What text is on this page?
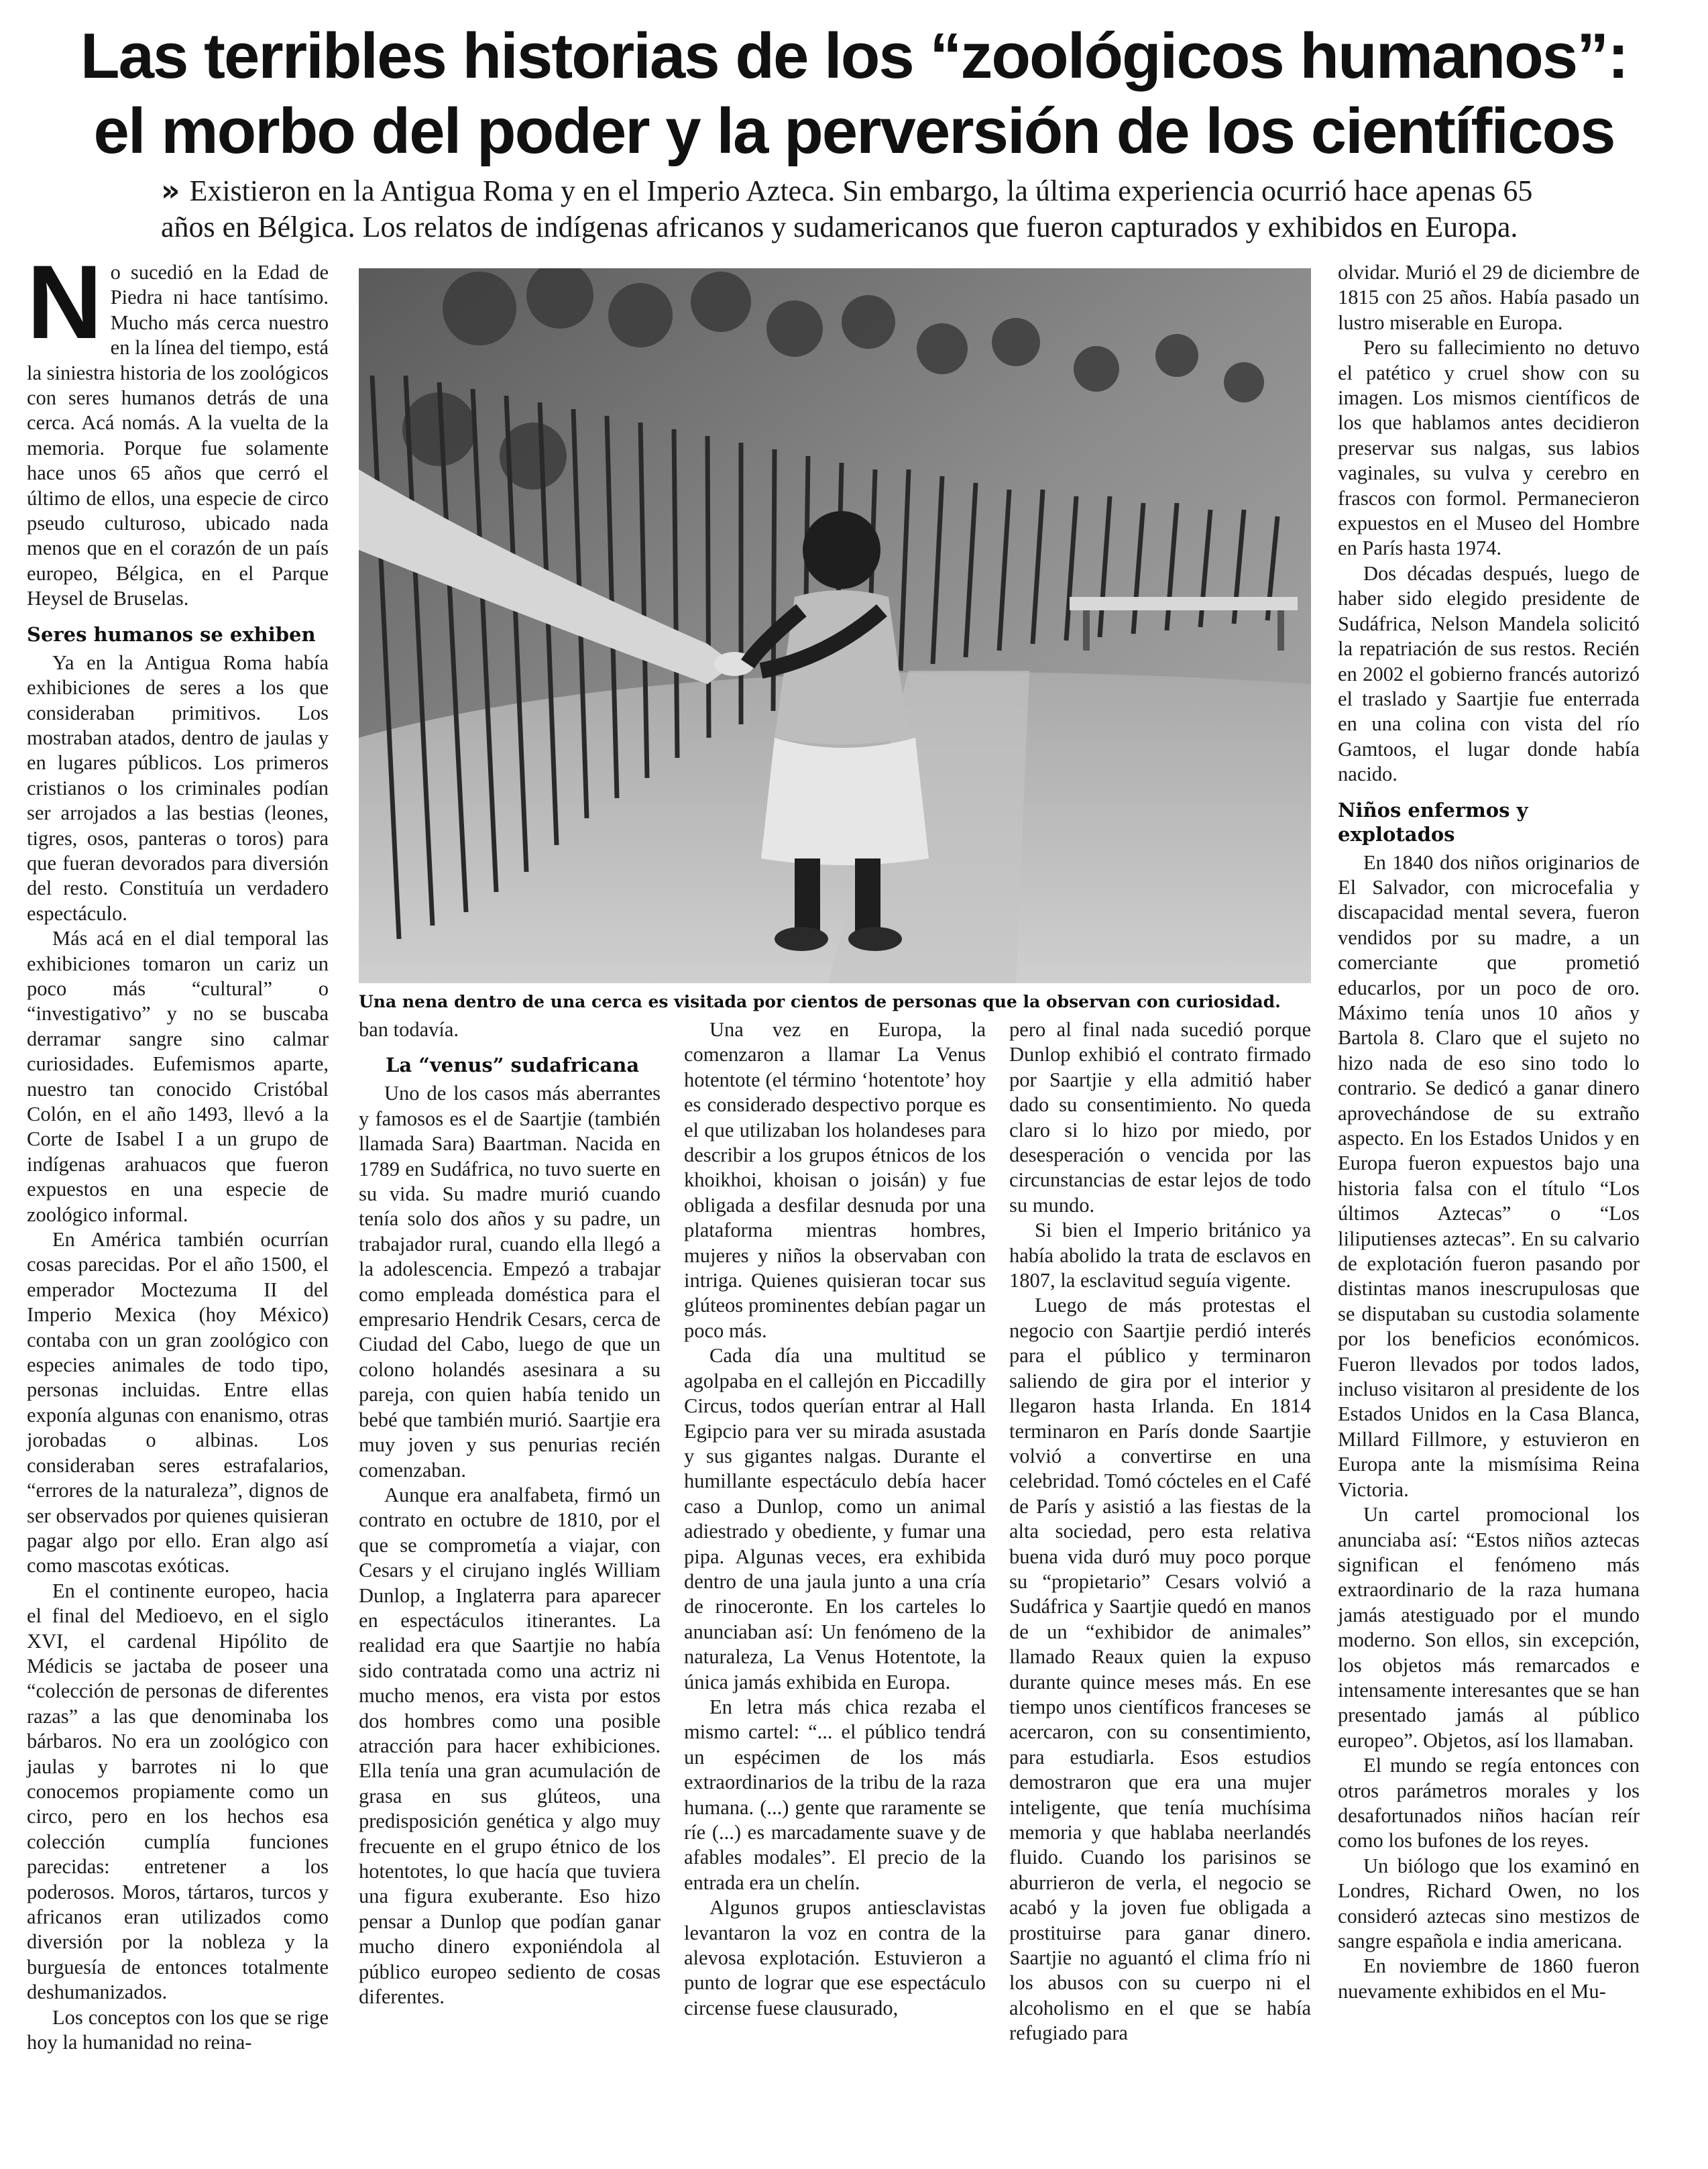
Las terribles historias de los “zoológicos humanos”:
el morbo del poder y la perversión de los científicos
» Existieron en la Antigua Roma y en el Imperio Azteca. Sin embargo, la última experiencia ocurrió hace apenas 65 años en Bélgica. Los relatos de indígenas africanos y sudamericanos que fueron capturados y exhibidos en Europa.

No sucedió en la Edad de Piedra ni hace tantísimo. Mucho más cerca nuestro en la línea del tiempo, está la siniestra historia de los zoológicos con seres humanos detrás de una cerca. Acá nomás. A la vuelta de la memoria. Porque fue solamente hace unos 65 años que cerró el último de ellos, una especie de circo pseudo culturoso, ubicado nada menos que en el corazón de un país europeo, Bélgica, en el Parque Heysel de Bruselas.

Seres humanos se exhiben

Ya en la Antigua Roma había exhibiciones de seres a los que consideraban primitivos. Los mostraban atados, dentro de jaulas y en lugares públicos. Los primeros cristianos o los criminales podían ser arrojados a las bestias (leones, tigres, osos, panteras o toros) para que fueran devorados para diversión del resto. Constituía un verdadero espectáculo.

Más acá en el dial temporal las exhibiciones tomaron un cariz un poco más “cultural” o “investigativo” y no se buscaba derramar sangre sino calmar curiosidades. Eufemismos aparte, nuestro tan conocido Cristóbal Colón, en el año 1493, llevó a la Corte de Isabel I a un grupo de indígenas arahuacos que fueron expuestos en una especie de zoológico informal.

En América también ocurrían cosas parecidas. Por el año 1500, el emperador Moctezuma II del Imperio Mexica (hoy México) contaba con un gran zoológico con especies animales de todo tipo, personas incluidas. Entre ellas exponía algunas con enanismo, otras jorobadas o albinas. Los consideraban seres estrafalarios, “errores de la naturaleza”, dignos de ser observados por quienes quisieran pagar algo por ello. Eran algo así como mascotas exóticas.

En el continente europeo, hacia el final del Medioevo, en el siglo XVI, el cardenal Hipólito de Médicis se jactaba de poseer una “colección de personas de diferentes razas” a las que denominaba los bárbaros. No era un zoológico con jaulas y barrotes ni lo que conocemos propiamente como un circo, pero en los hechos esa colección cumplía funciones parecidas: entretener a los poderosos. Moros, tártaros, turcos y africanos eran utilizados como diversión por la nobleza y la burguesía de entonces totalmente deshumanizados.

Los conceptos con los que se rige hoy la humanidad no reina-

Una nena dentro de una cerca es visitada por cientos de personas que la observan con curiosidad.

ban todavía.

La “venus” sudafricana

Uno de los casos más aberrantes y famosos es el de Saartjie (también llamada Sara) Baartman. Nacida en 1789 en Sudáfrica, no tuvo suerte en su vida. Su madre murió cuando tenía solo dos años y su padre, un trabajador rural, cuando ella llegó a la adolescencia. Empezó a trabajar como empleada doméstica para el empresario Hendrik Cesars, cerca de Ciudad del Cabo, luego de que un colono holandés asesinara a su pareja, con quien había tenido un bebé que también murió. Saartjie era muy joven y sus penurias recién comenzaban.

Aunque era analfabeta, firmó un contrato en octubre de 1810, por el que se comprometía a viajar, con Cesars y el cirujano inglés William Dunlop, a Inglaterra para aparecer en espectáculos itinerantes. La realidad era que Saartjie no había sido contratada como una actriz ni mucho menos, era vista por estos dos hombres como una posible atracción para hacer exhibiciones. Ella tenía una gran acumulación de grasa en sus glúteos, una predisposición genética y algo muy frecuente en el grupo étnico de los hotentotes, lo que hacía que tuviera una figura exuberante. Eso hizo pensar a Dunlop que podían ganar mucho dinero exponiéndola al público europeo sediento de cosas diferentes.

Una vez en Europa, la comenzaron a llamar La Venus hotentote (el término ‘hotentote’ hoy es considerado despectivo porque es el que utilizaban los holandeses para describir a los grupos étnicos de los khoikhoi, khoisan o joisán) y fue obligada a desfilar desnuda por una plataforma mientras hombres, mujeres y niños la observaban con intriga. Quienes quisieran tocar sus glúteos prominentes debían pagar un poco más.

Cada día una multitud se agolpaba en el callejón en Piccadilly Circus, todos querían entrar al Hall Egipcio para ver su mirada asustada y sus gigantes nalgas. Durante el humillante espectáculo debía hacer caso a Dunlop, como un animal adiestrado y obediente, y fumar una pipa. Algunas veces, era exhibida dentro de una jaula junto a una cría de rinoceronte. En los carteles lo anunciaban así: Un fenómeno de la naturaleza, La Venus Hotentote, la única jamás exhibida en Europa.

En letra más chica rezaba el mismo cartel: “... el público tendrá un espécimen de los más extraordinarios de la tribu de la raza humana. (...) gente que raramente se ríe (...) es marcadamente suave y de afables modales”. El precio de la entrada era un chelín.

Algunos grupos antiesclavistas levantaron la voz en contra de la alevosa explotación. Estuvieron a punto de lograr que ese espectáculo circense fuese clausurado,

pero al final nada sucedió porque Dunlop exhibió el contrato firmado por Saartjie y ella admitió haber dado su consentimiento. No queda claro si lo hizo por miedo, por desesperación o vencida por las circunstancias de estar lejos de todo su mundo.

Si bien el Imperio británico ya había abolido la trata de esclavos en 1807, la esclavitud seguía vigente.

Luego de más protestas el negocio con Saartjie perdió interés para el público y terminaron saliendo de gira por el interior y llegaron hasta Irlanda. En 1814 terminaron en París donde Saartjie volvió a convertirse en una celebridad. Tomó cócteles en el Café de París y asistió a las fiestas de la alta sociedad, pero esta relativa buena vida duró muy poco porque su “propietario” Cesars volvió a Sudáfrica y Saartjie quedó en manos de un “exhibidor de animales” llamado Reaux quien la expuso durante quince meses más. En ese tiempo unos científicos franceses se acercaron, con su consentimiento, para estudiarla. Esos estudios demostraron que era una mujer inteligente, que tenía muchísima memoria y que hablaba neerlandés fluido. Cuando los parisinos se aburrieron de verla, el negocio se acabó y la joven fue obligada a prostituirse para ganar dinero. Saartjie no aguantó el clima frío ni los abusos con su cuerpo ni el alcoholismo en el que se había refugiado para

olvidar. Murió el 29 de diciembre de 1815 con 25 años. Había pasado un lustro miserable en Europa.

Pero su fallecimiento no detuvo el patético y cruel show con su imagen. Los mismos científicos de los que hablamos antes decidieron preservar sus nalgas, sus labios vaginales, su vulva y cerebro en frascos con formol. Permanecieron expuestos en el Museo del Hombre en París hasta 1974.

Dos décadas después, luego de haber sido elegido presidente de Sudáfrica, Nelson Mandela solicitó la repatriación de sus restos. Recién en 2002 el gobierno francés autorizó el traslado y Saartjie fue enterrada en una colina con vista del río Gamtoos, el lugar donde había nacido.

Niños enfermos y explotados

En 1840 dos niños originarios de El Salvador, con microcefalia y discapacidad mental severa, fueron vendidos por su madre, a un comerciante que prometió educarlos, por un poco de oro. Máximo tenía unos 10 años y Bartola 8. Claro que el sujeto no hizo nada de eso sino todo lo contrario. Se dedicó a ganar dinero aprovechándose de su extraño aspecto. En los Estados Unidos y en Europa fueron expuestos bajo una historia falsa con el título “Los últimos Aztecas” o “Los liliputienses aztecas”. En su calvario de explotación fueron pasando por distintas manos inescrupulosas que se disputaban su custodia solamente por los beneficios económicos. Fueron llevados por todos lados, incluso visitaron al presidente de los Estados Unidos en la Casa Blanca, Millard Fillmore, y estuvieron en Europa ante la mismísima Reina Victoria.

Un cartel promocional los anunciaba así: “Estos niños aztecas significan el fenómeno más extraordinario de la raza humana jamás atestiguado por el mundo moderno. Son ellos, sin excepción, los objetos más remarcados e intensamente interesantes que se han presentado jamás al público europeo”. Objetos, así los llamaban.

El mundo se regía entonces con otros parámetros morales y los desafortunados niños hacían reír como los bufones de los reyes.

Un biólogo que los examinó en Londres, Richard Owen, no los consideró aztecas sino mestizos de sangre española e india americana.

En noviembre de 1860 fueron nuevamente exhibidos en el Mu-
